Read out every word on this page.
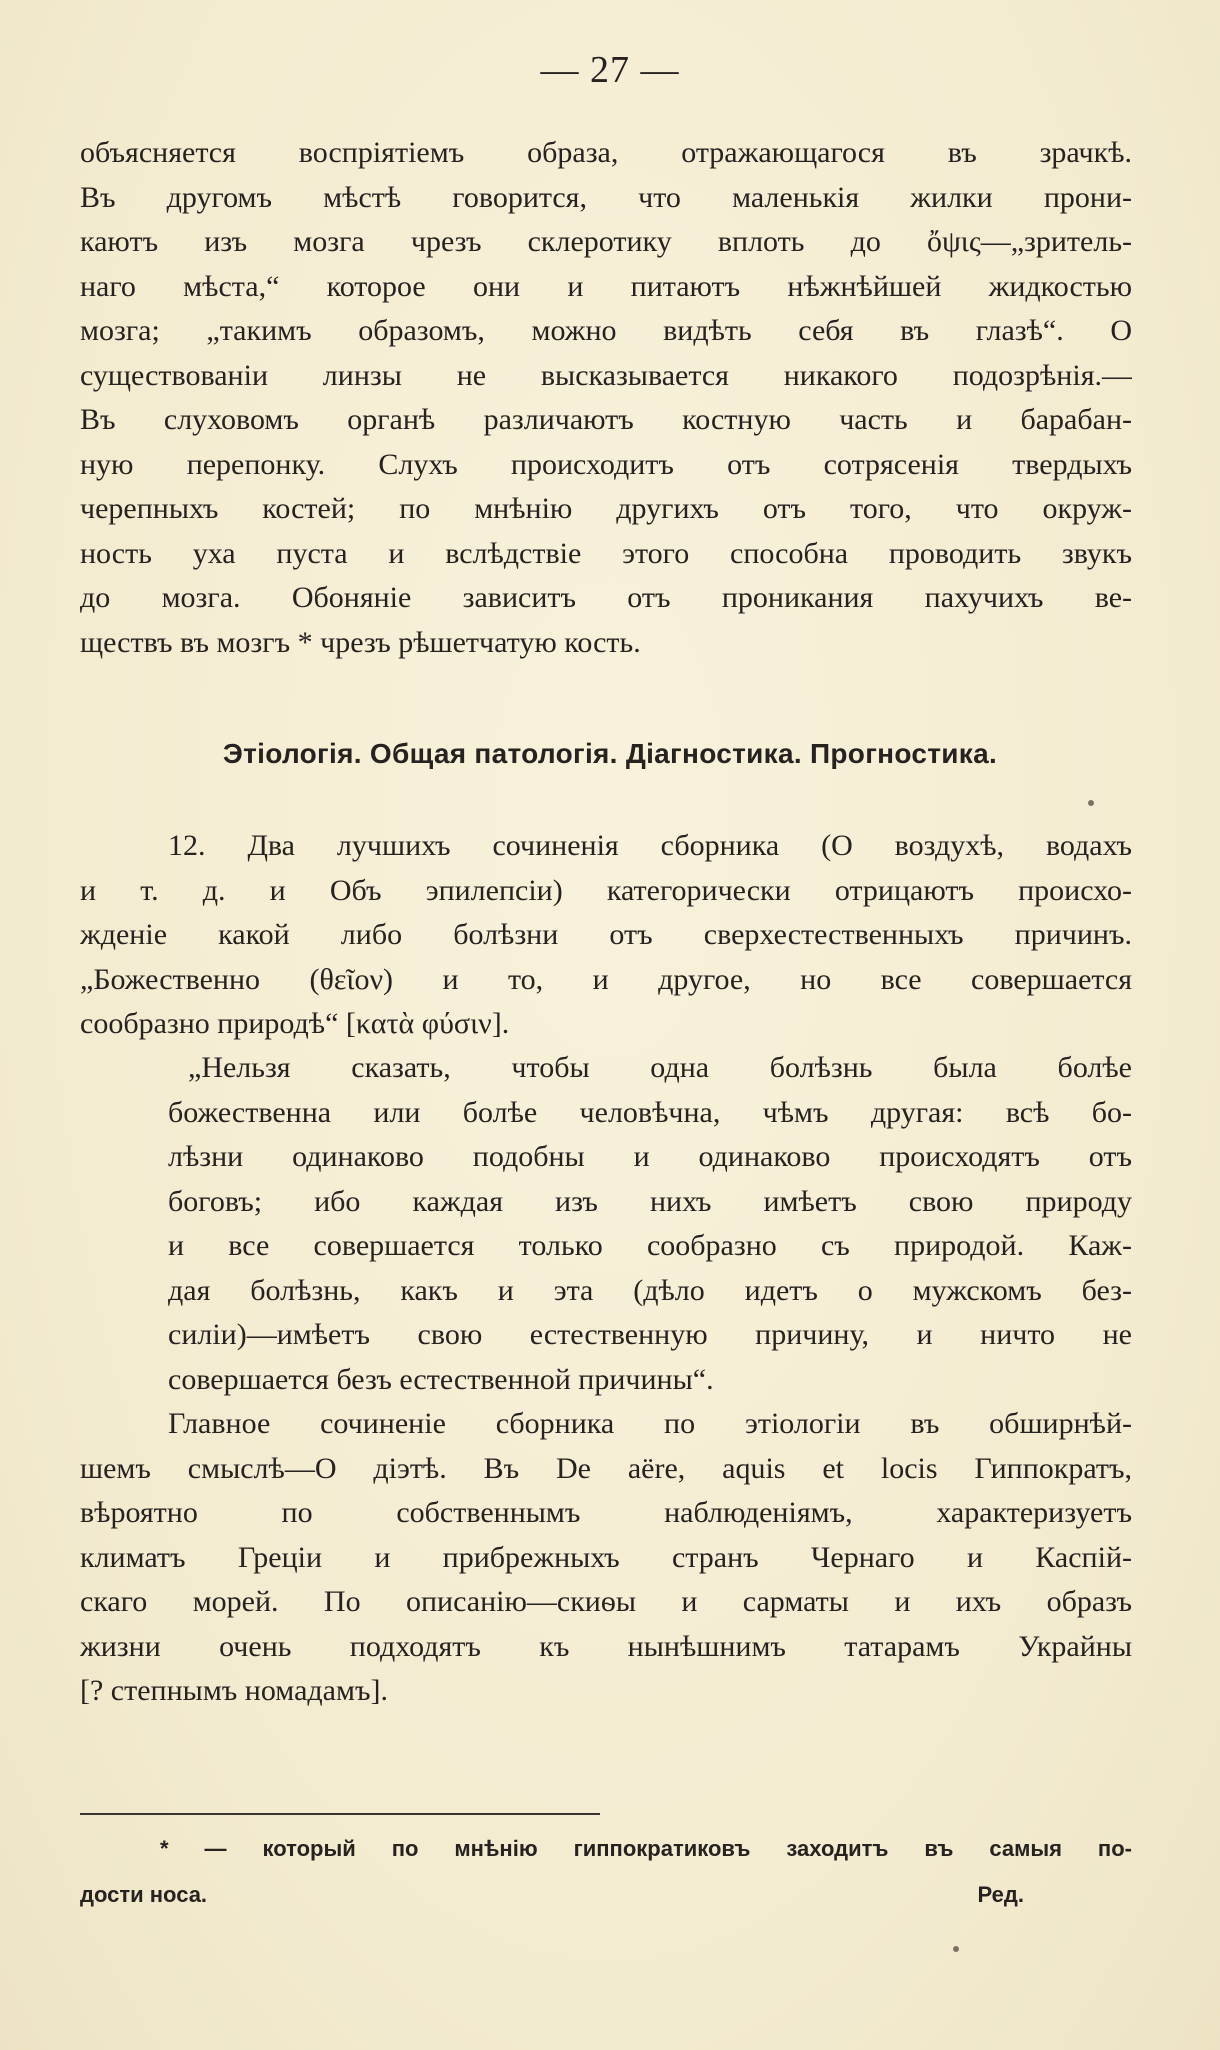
— 27 —
объясняется воспріятіемъ образа, отражающагося въ зрачкѣ.
Въ другомъ мѣстѣ говорится, что маленькія жилки прони-
каютъ изъ мозга чрезъ склеротику вплоть до ὄψις—„зритель-
наго мѣста,“ которое они и питаютъ нѣжнѣйшей жидкостью
мозга; „такимъ образомъ, можно видѣть себя въ глазѣ“. О
существованіи линзы не высказывается никакого подозрѣнія.—
Въ слуховомъ органѣ различаютъ костную часть и барабан-
ную перепонку. Слухъ происходитъ отъ сотрясенія твердыхъ
черепныхъ костей; по мнѣнію другихъ отъ того, что окруж-
ность уха пуста и вслѣдствіе этого способна проводить звукъ
до мозга. Обоняніе зависитъ отъ проникания пахучихъ ве-
ществъ въ мозгъ * чрезъ рѣшетчатую кость.
Этіологія. Общая патологія. Діагностика. Прогностика.
12. Два лучшихъ сочиненія сборника (О воздухѣ, водахъ
и т. д. и Объ эпилепсіи) категорически отрицаютъ происхо-
жденіе какой либо болѣзни отъ сверхестественныхъ причинъ.
„Божественно (θεῖον) и то, и другое, но все совершается
сообразно природѣ“ [κατὰ φύσιν].
„Нельзя сказать, чтобы одна болѣзнь была болѣе
божественна или болѣе человѣчна, чѣмъ другая: всѣ бо-
лѣзни одинаково подобны и одинаково происходятъ отъ
боговъ; ибо каждая изъ нихъ имѣетъ свою природу
и все совершается только сообразно съ природой. Каж-
дая болѣзнь, какъ и эта (дѣло идетъ о мужскомъ без-
силіи)—имѣетъ свою естественную причину, и ничто не
совершается безъ естественной причины“.
Главное сочиненіе сборника по этіологіи въ обширнѣй-
шемъ смыслѣ—О діэтѣ. Въ De aëre, aquis et locis Гиппократъ,
вѣроятно по собственнымъ наблюденіямъ, характеризуетъ
климатъ Греціи и прибрежныхъ странъ Чернаго и Каспій-
скаго морей. По описанію—скиѳы и сарматы и ихъ образъ
жизни очень подходятъ къ нынѣшнимъ татарамъ Украйны
[? степнымъ номадамъ].
* — который по мнѣнію гиппократиковъ заходитъ въ самыя по-
дости носа.	Ред.
